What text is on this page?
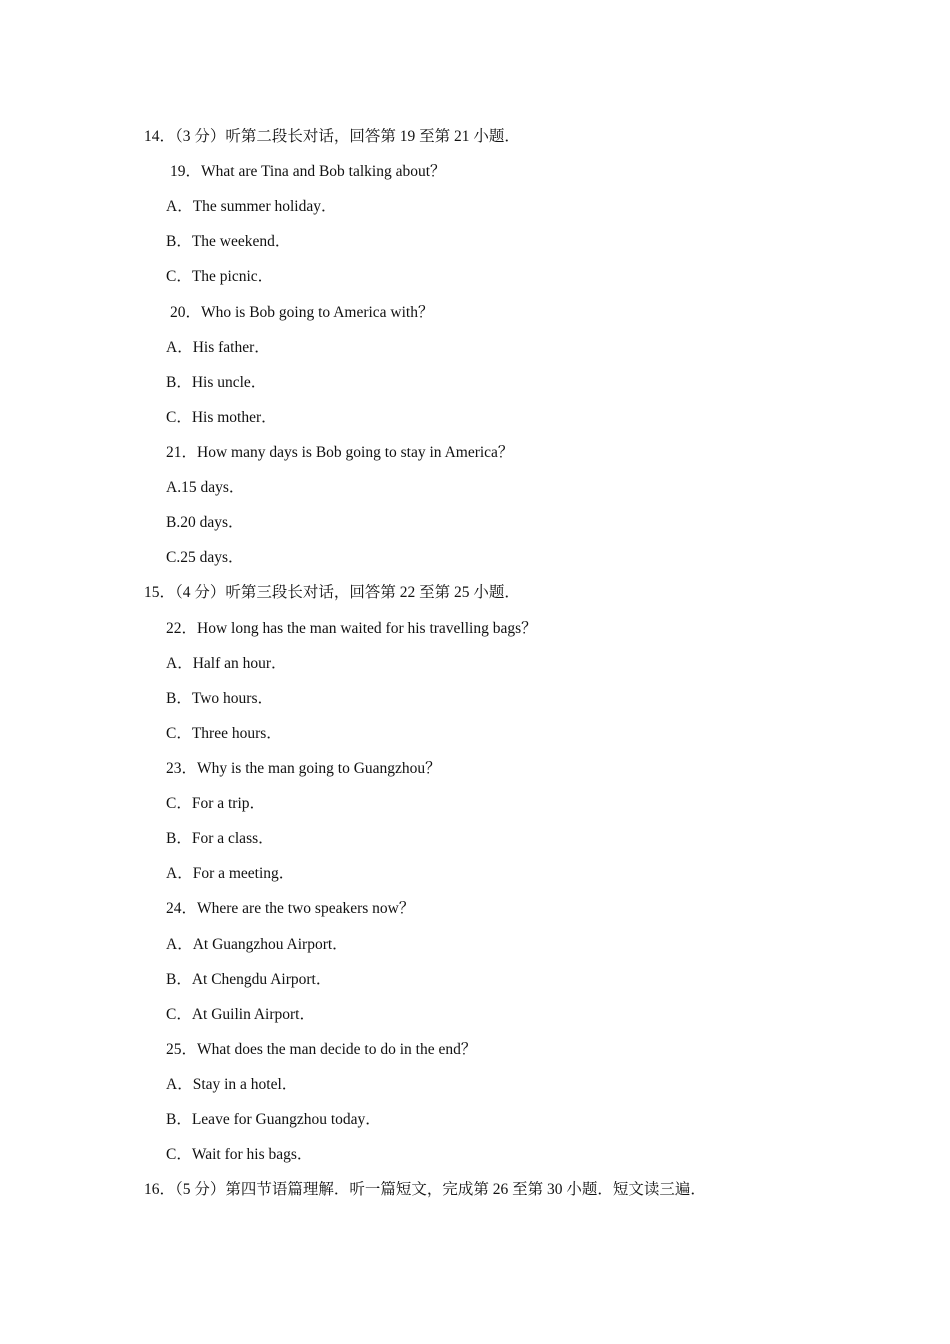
14．（3 分）听第二段长对话，回答第 19 至第 21 小题．
19．What are Tina and Bob talking about？
A．The summer holiday．
B．The weekend．
C．The picnic．
20．Who is Bob going to America with？
A．His father．
B．His uncle．
C．His mother．
21．How many days is Bob going to stay in America？
A.15 days．
B.20 days．
C.25 days．
15．（4 分）听第三段长对话，回答第 22 至第 25 小题．
22．How long has the man waited for his travelling bags？
A．Half an hour．
B．Two hours．
C．Three hours．
23．Why is the man going to Guangzhou？
C．For a trip．
B．For a class．
A．For a meeting．
24．Where are the two speakers now？
A．At Guangzhou Airport．
B．At Chengdu Airport．
C．At Guilin Airport．
25．What does the man decide to do in the end？
A．Stay in a hotel．
B．Leave for Guangzhou today．
C．Wait for his bags．
16．（5 分）第四节语篇理解．听一篇短文，完成第 26 至第 30 小题．短文读三遍．
